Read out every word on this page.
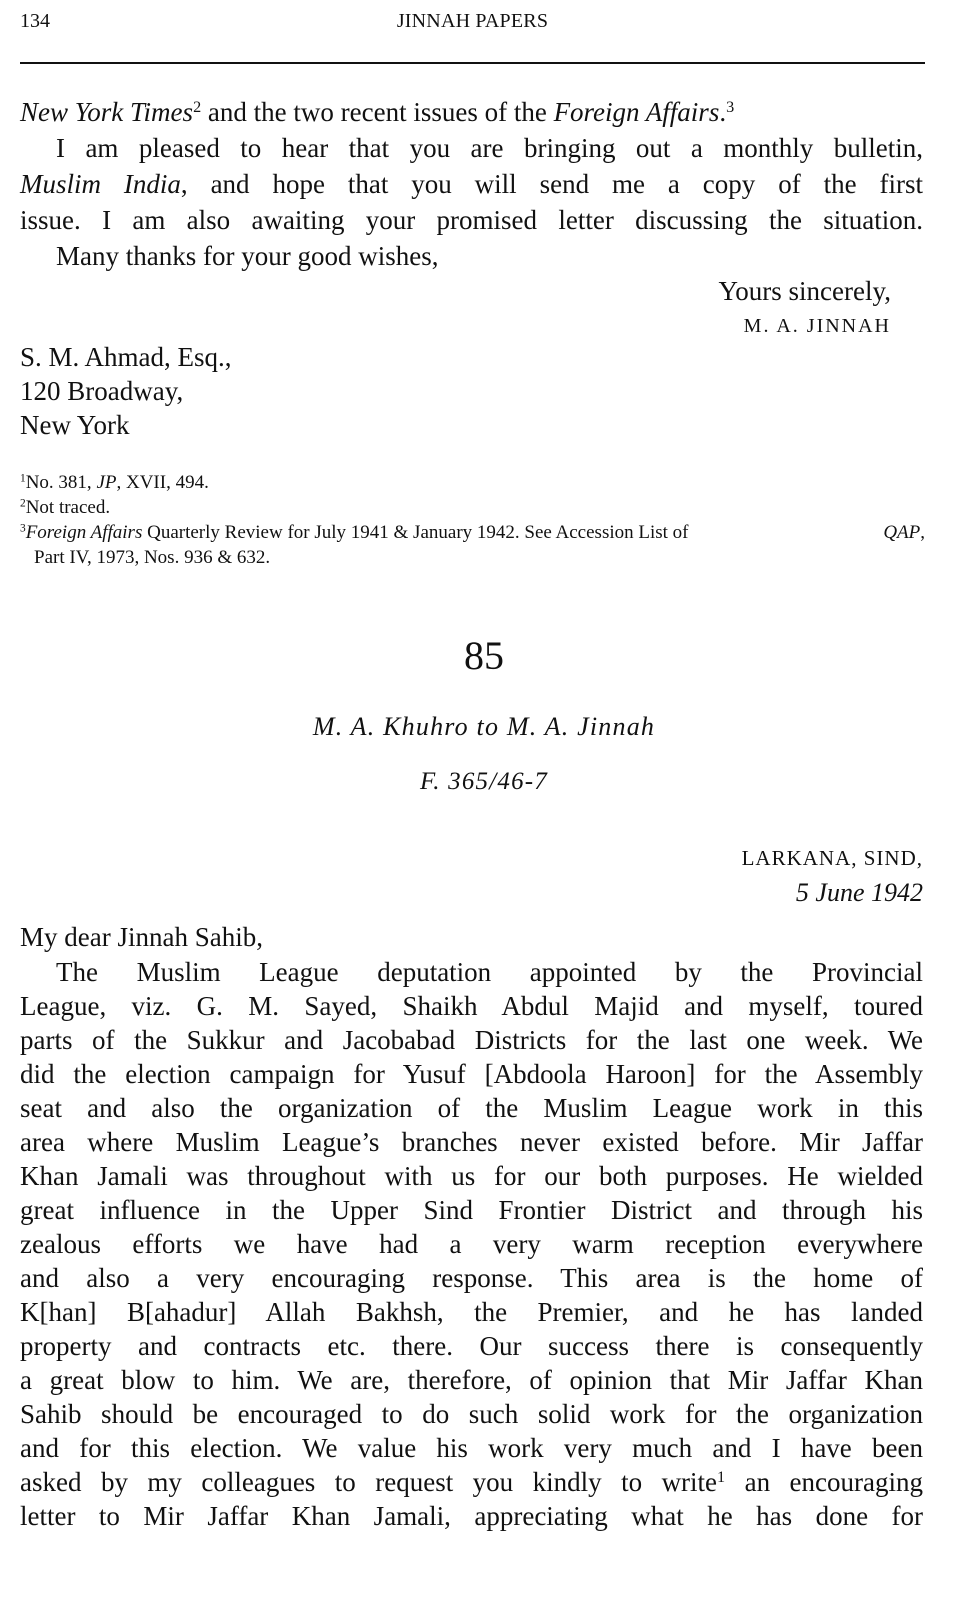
134	JINNAH PAPERS
New York Times$^2$ and the two recent issues of the Foreign Affairs.$^3$
I am pleased to hear that you are bringing out a monthly bulletin,
Muslim India, and hope that you will send me a copy of the first
issue. I am also awaiting your promised letter discussing the situation.
Many thanks for your good wishes,
Yours sincerely,
M. A. JINNAH
S. M. Ahmad, Esq.,
120 Broadway,
New York
$^1$No. 381, JP, XVII, 494.
$^2$Not traced.
$^3$Foreign Affairs Quarterly Review for July 1941 & January 1942. See Accession List of	QAP,
Part IV, 1973, Nos. 936 & 632.
85
M. A. Khuhro to M. A. Jinnah
F. 365/46-7
LARKANA, SIND,
5 June 1942
My dear Jinnah Sahib,
The Muslim League deputation appointed by the Provincial
League, viz. G. M. Sayed, Shaikh Abdul Majid and myself, toured
parts of the Sukkur and Jacobabad Districts for the last one week. We
did the election campaign for Yusuf [Abdoola Haroon] for the Assembly
seat and also the organization of the Muslim League work in this
area where Muslim League’s branches never existed before. Mir Jaffar
Khan Jamali was throughout with us for our both purposes. He wielded
great influence in the Upper Sind Frontier District and through his
zealous efforts we have had a very warm reception everywhere
and also a very encouraging response. This area is the home of
K[han] B[ahadur] Allah Bakhsh, the Premier, and he has landed
property and contracts etc. there. Our success there is consequently
a great blow to him. We are, therefore, of opinion that Mir Jaffar Khan
Sahib should be encouraged to do such solid work for the organization
and for this election. We value his work very much and I have been
asked by my colleagues to request you kindly to write$^1$ an encouraging
letter to Mir Jaffar Khan Jamali, appreciating what he has done for
